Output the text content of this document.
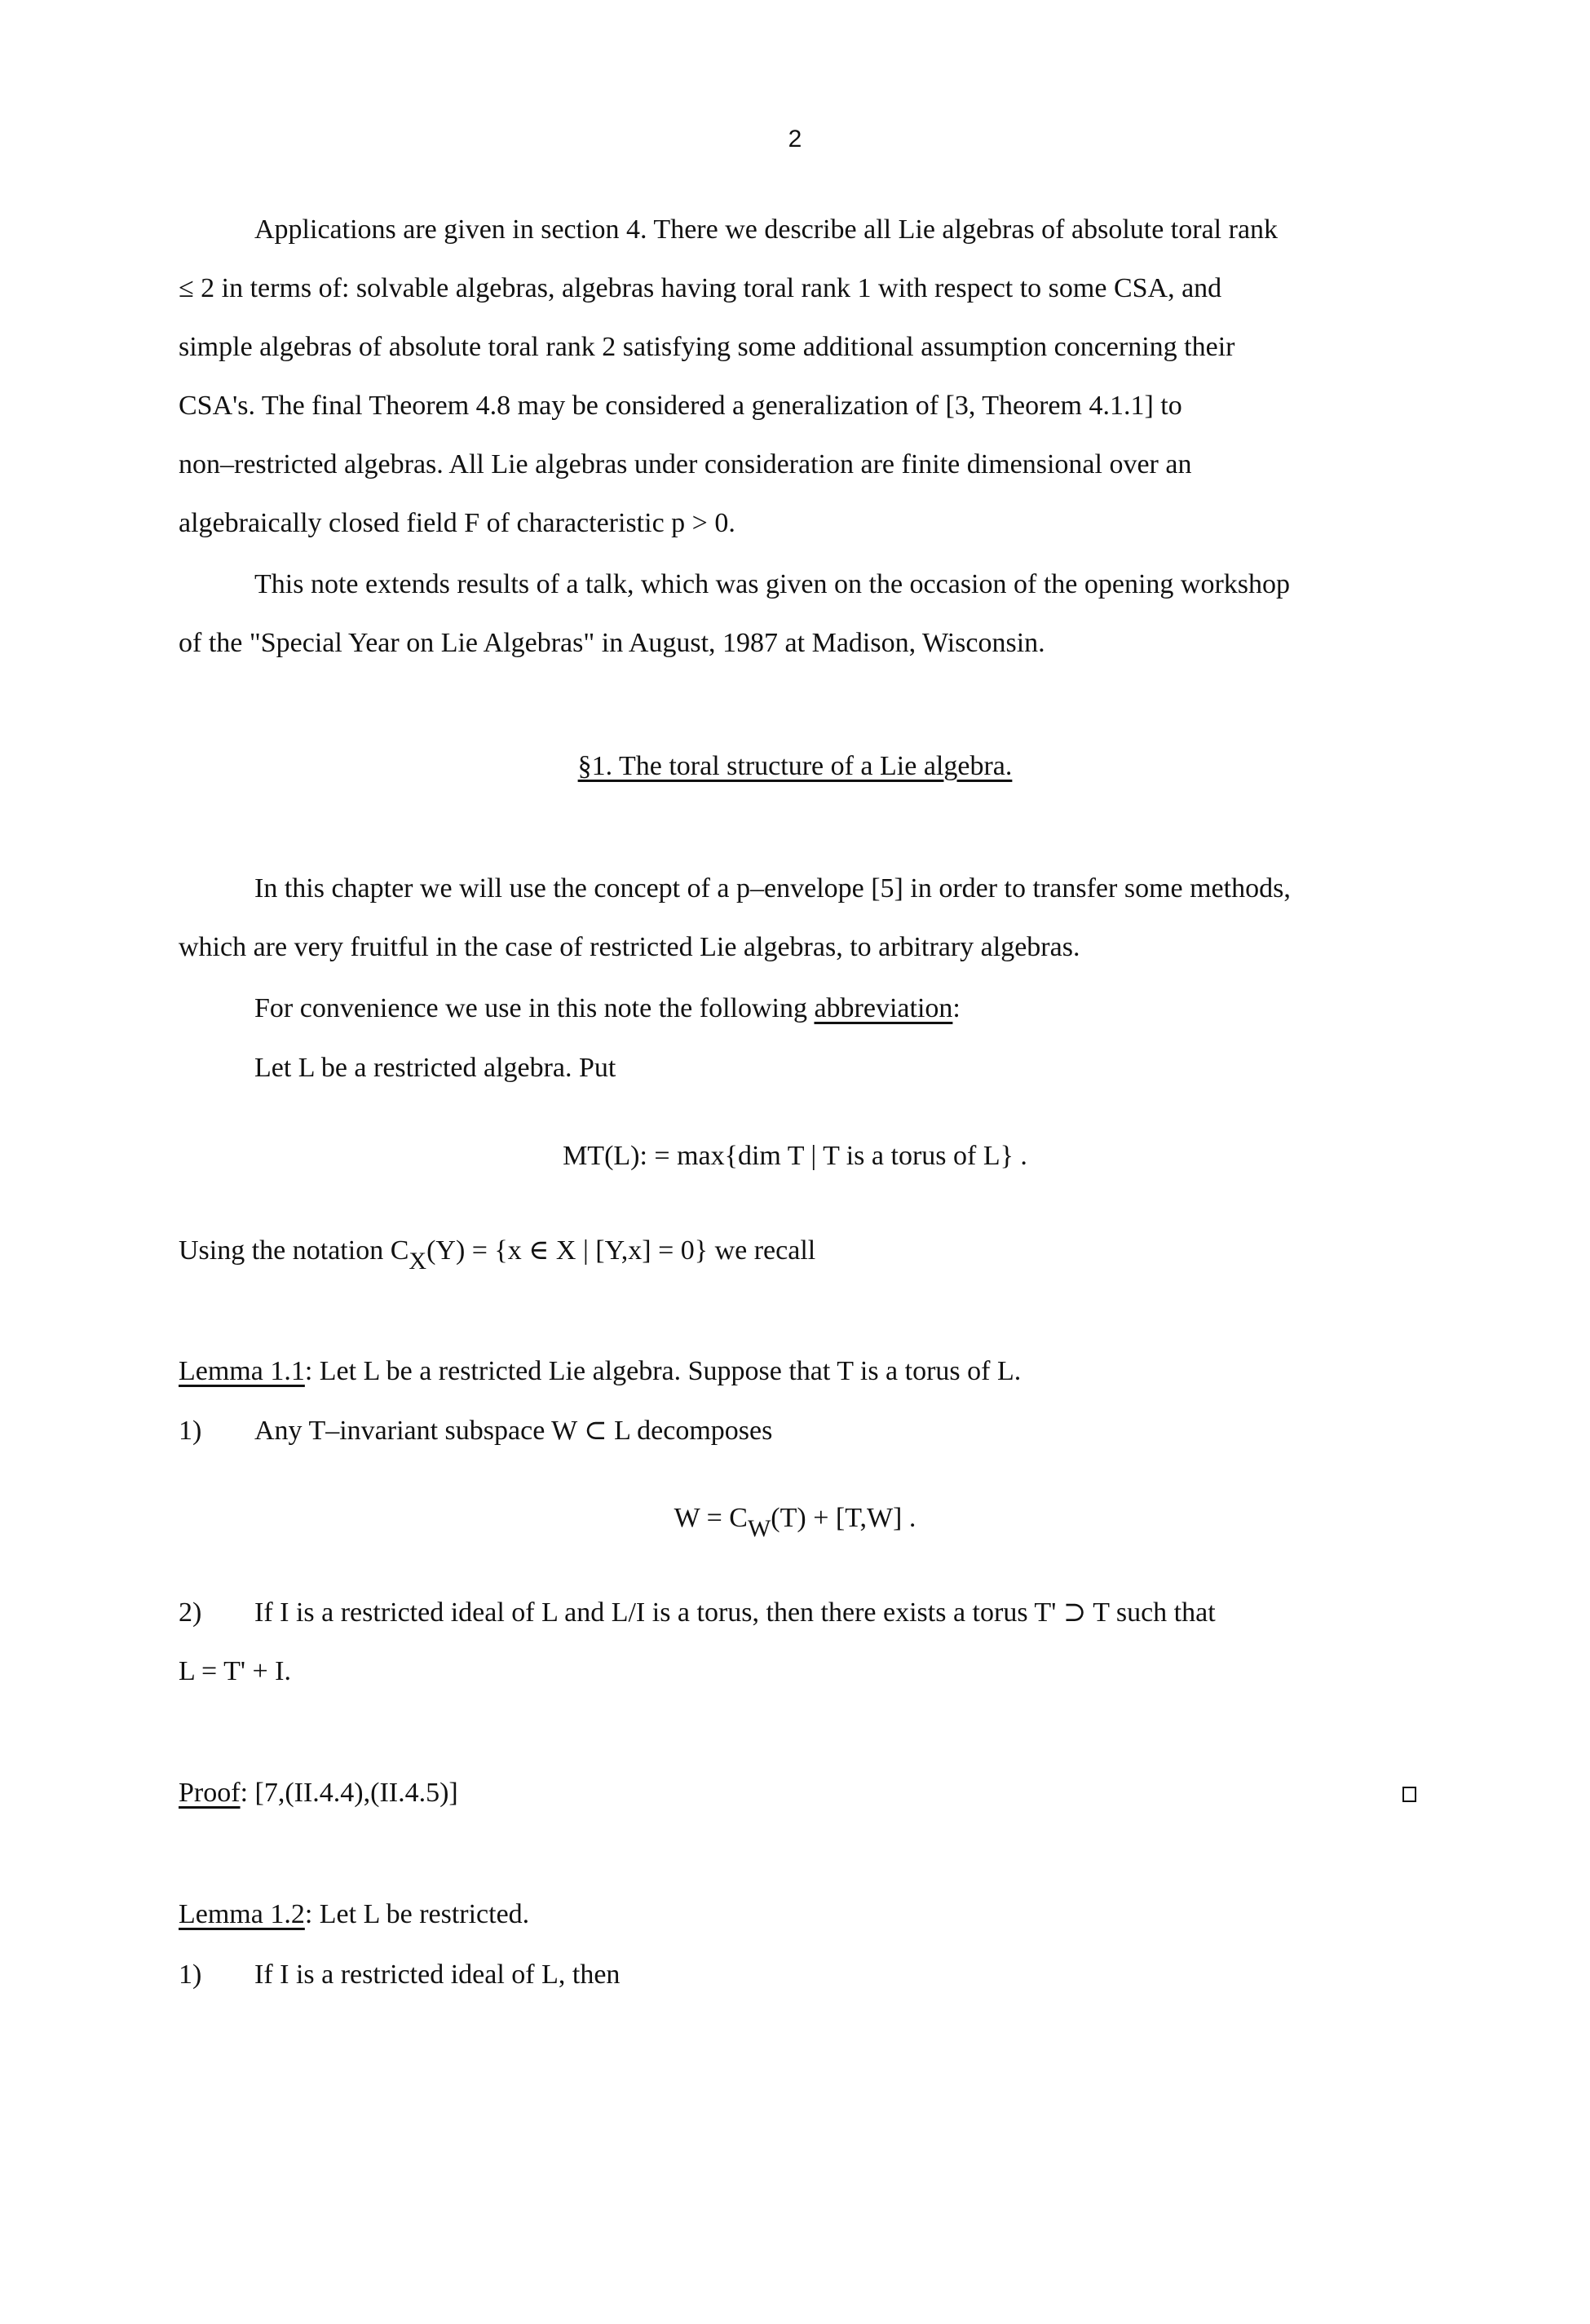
2
Applications are given in section 4. There we describe all Lie algebras of absolute toral rank
≤ 2 in terms of: solvable algebras, algebras having toral rank 1 with respect to some CSA, and
simple algebras of absolute toral rank 2 satisfying some additional assumption concerning their
CSA's. The final Theorem 4.8 may be considered a generalization of [3, Theorem 4.1.1] to
non–restricted algebras. All Lie algebras under consideration are finite dimensional over an
algebraically closed field F of characteristic p > 0.
This note extends results of a talk, which was given on the occasion of the opening workshop
of the "Special Year on Lie Algebras" in August, 1987 at Madison, Wisconsin.
§1. The toral structure of a Lie algebra.
In this chapter we will use the concept of a p–envelope [5] in order to transfer some methods,
which are very fruitful in the case of restricted Lie algebras, to arbitrary algebras.
For convenience we use in this note the following abbreviation:
Let L be a restricted algebra. Put
MT(L): = max{dim T | T is a torus of L} .
Using the notation CX(Y) = {x ∈ X | [Y,x] = 0} we recall
Lemma 1.1: Let L be a restricted Lie algebra. Suppose that T is a torus of L.
1) Any T–invariant subspace W ⊂ L decomposes
W = CW(T) + [T,W] .
2) If I is a restricted ideal of L and L/I is a torus, then there exists a torus T' ⊃ T such that
L = T' + I.
Proof: [7,(II.4.4),(II.4.5)]
Lemma 1.2: Let L be restricted.
1) If I is a restricted ideal of L, then
